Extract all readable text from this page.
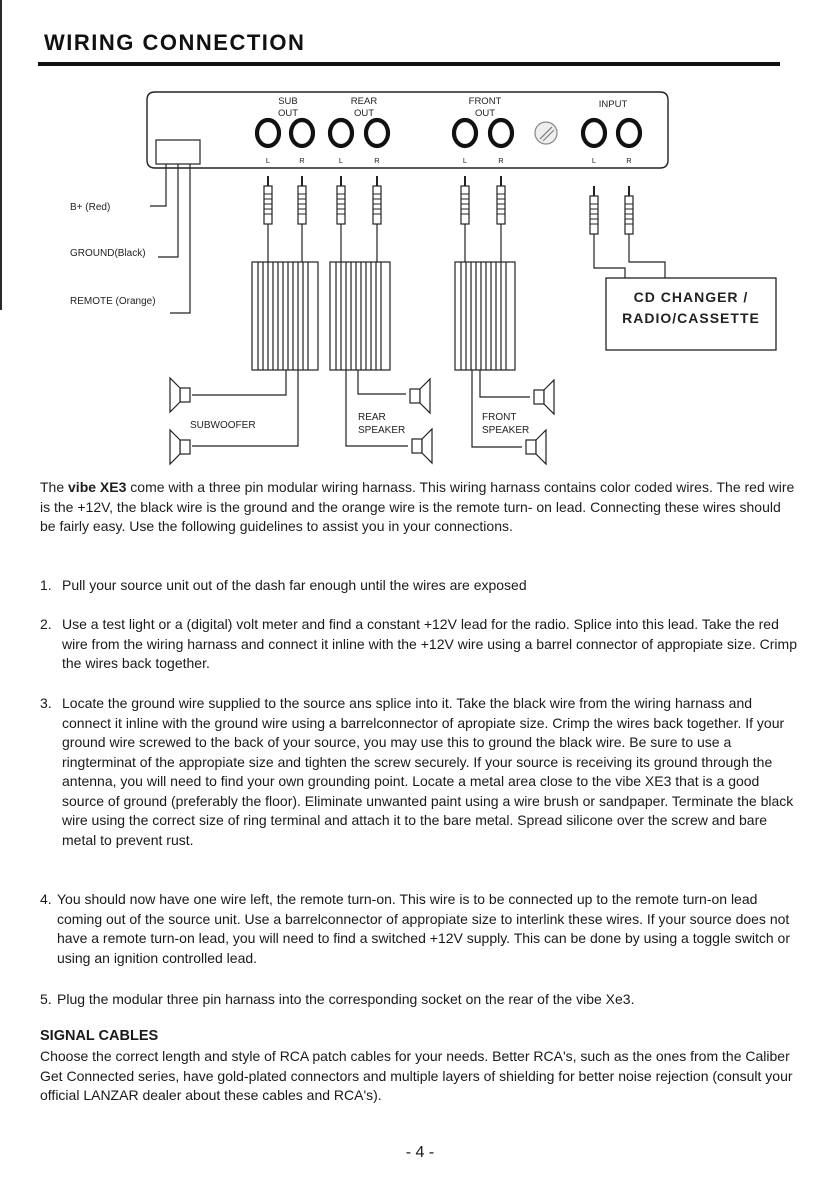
WIRING CONNECTION
SUB
OUT
REAR
OUT
FRONT
OUT
INPUT
L	R	L	R	L	R	L	R
B+ (Red)
GROUND(Black)
REMOTE (Orange)	CD CHANGER /
RADIO/CASSETTE
SUBWOOFER
REAR
SPEAKER
FRONT
SPEAKER
The vibe XE3 come with a three pin modular wiring harnass. This wiring harnass contains color coded wires. The red wire is the +12V, the black wire is the ground and the orange wire is the remote turn- on lead. Connecting these wires should be fairly easy. Use the following guidelines to assist you in your connections.
1. Pull your source unit out of the dash far enough until the wires are exposed
2. Use a test light or a (digital) volt meter and find a constant +12V lead for the radio. Splice into this lead. Take the red wire from the wiring harnass and connect it inline with the +12V wire using a barrel connector of appropiate size. Crimp the wires back together.
3. Locate the ground wire supplied to the source ans splice into it. Take the black wire from the wiring harnass and connect it inline with the ground wire using a barrelconnector of apropiate size. Crimp the wires back together. If your ground wire screwed to the back of your source, you may use this to ground the black wire. Be sure to use a ringterminat of the appropiate size and tighten the screw securely. If your source is receiving its ground through the antenna, you will need to find your own grounding point. Locate a metal area close to the vibe XE3 that is a good source of ground (preferably the floor). Eliminate unwanted paint using a wire brush or sandpaper. Terminate the black wire using the correct size of ring terminal and attach it to the bare metal. Spread silicone over the screw and bare metal to prevent rust.
4. You should now have one wire left, the remote turn-on. This wire is to be connected up to the remote turn-on lead coming out of the source unit. Use a barrelconnector of appropiate size to interlink these wires. If your source does not have a remote turn-on lead, you will need to find a switched +12V supply. This can be done by using a toggle switch or using an ignition controlled lead.
5. Plug the modular three pin harnass into the corresponding socket on the rear of the vibe Xe3.
SIGNAL CABLES
Choose the correct length and style of RCA patch cables for your needs. Better RCA's, such as the ones from the Caliber Get Connected series, have gold-plated connectors and multiple layers of shielding for better noise rejection (consult your official LANZAR dealer about these cables and RCA's).
- 4 -
